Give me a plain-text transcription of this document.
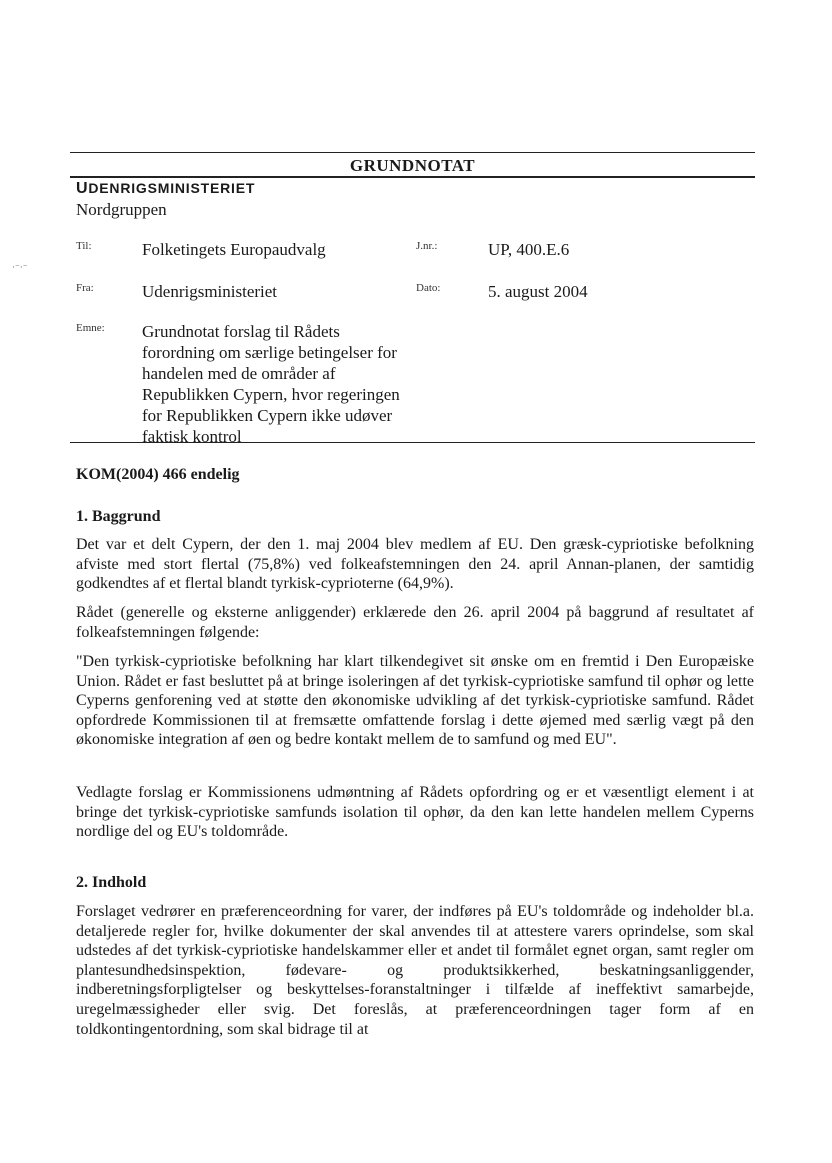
GRUNDNOTAT
UDENRIGSMINISTERIET
Nordgruppen
·⁻·⁻
Til:	Folketingets Europaudvalg	J.nr.:	UP, 400.E.6
Fra:	Udenrigsministeriet	Dato:	5. august 2004
Emne: Grundnotat forslag til Rådets forordning om særlige betingelser for handelen med de områder af Republikken Cypern, hvor regeringen for Republikken Cypern ikke udøver faktisk kontrol
KOM(2004) 466 endelig
1. Baggrund
Det var et delt Cypern, der den 1. maj 2004 blev medlem af EU. Den græsk-cypriotiske befolkning afviste med stort flertal (75,8%) ved folkeafstemningen den 24. april Annan-planen, der samtidig godkendtes af et flertal blandt tyrkisk-cyprioterne (64,9%).
Rådet (generelle og eksterne anliggender) erklærede den 26. april 2004 på baggrund af resultatet af folkeafstemningen følgende:
"Den tyrkisk-cypriotiske befolkning har klart tilkendegivet sit ønske om en fremtid i Den Europæiske Union. Rådet er fast besluttet på at bringe isoleringen af det tyrkisk-cypriotiske samfund til ophør og lette Cyperns genforening ved at støtte den økonomiske udvikling af det tyrkisk-cypriotiske samfund. Rådet opfordrede Kommissionen til at fremsætte omfattende forslag i dette øjemed med særlig vægt på den økonomiske integration af øen og bedre kontakt mellem de to samfund og med EU".
Vedlagte forslag er Kommissionens udmøntning af Rådets opfordring og er et væsentligt element i at bringe det tyrkisk-cypriotiske samfunds isolation til ophør, da den kan lette handelen mellem Cyperns nordlige del og EU's toldområde.
2. Indhold
Forslaget vedrører en præferenceordning for varer, der indføres på EU's toldområde og indeholder bl.a. detaljerede regler for, hvilke dokumenter der skal anvendes til at attestere varers oprindelse, som skal udstedes af det tyrkisk-cypriotiske handelskammer eller et andet til formålet egnet organ, samt regler om plantesundhedsinspektion, fødevare- og produktsikkerhed, beskatningsanliggender, indberetningsforpligtelser og beskyttelses-foranstaltninger i tilfælde af ineffektivt samarbejde, uregelmæssigheder eller svig. Det foreslås, at præferenceordningen tager form af en toldkontingentordning, som skal bidrage til at
